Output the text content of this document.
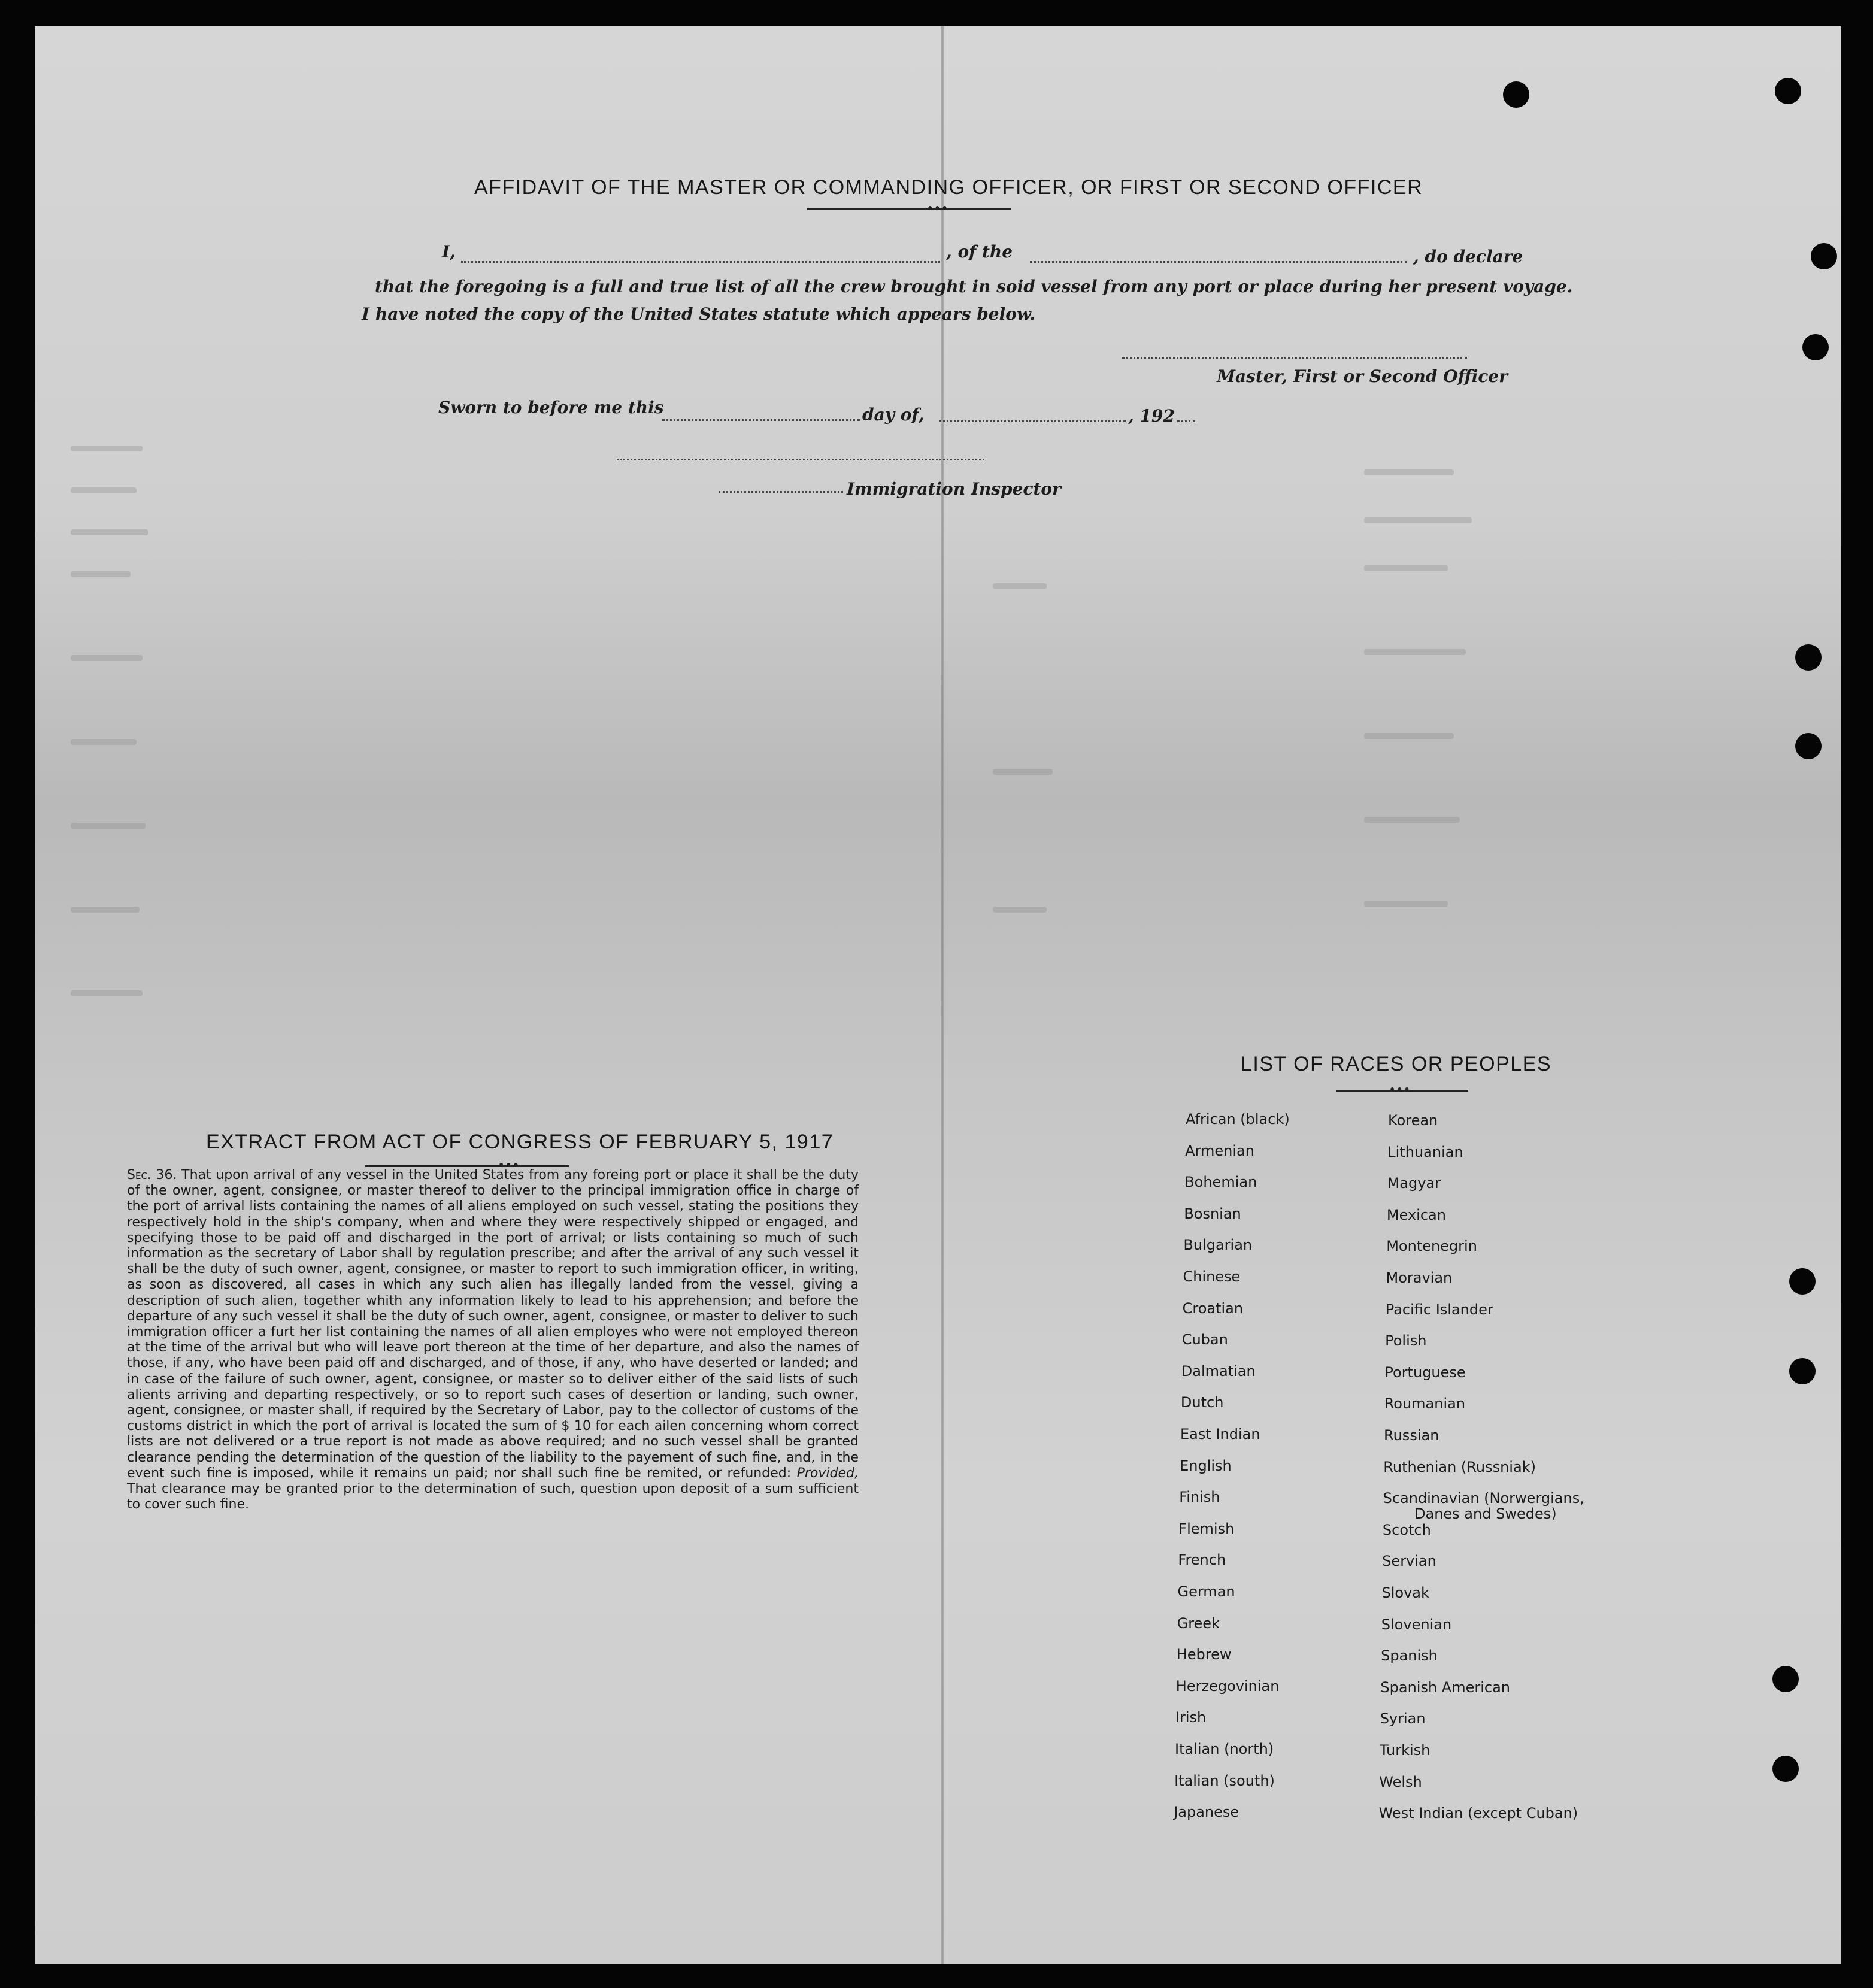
AFFIDAVIT OF THE MASTER OR COMMANDING OFFICER, OR FIRST OR SECOND OFFICER
•••
I,	, of the	, do declare
that the foregoing is a full and true list of all the crew brought in soid vessel from any port or place during her present voyage.
I have noted the copy of the United States statute which appears below.
Master, First or Second Officer
Sworn to before me this	day of,	, 192
Immigration Inspector
EXTRACT FROM ACT OF CONGRESS OF FEBRUARY 5, 1917
•••

Sec. 36. That upon arrival of any vessel in the United States from any foreing port or place it shall be the duty of the owner, agent, consignee, or master thereof to deliver to the principal immigration office in charge of the port of arrival lists containing the names of all aliens employed on such vessel, stating the positions they respectively hold in the ship's company, when and where they were respectively shipped or engaged, and specifying those to be paid off and discharged in the port of arrival; or lists containing so much of such information as the secretary of Labor shall by regulation prescribe; and after the arrival of any such vessel it shall be the duty of such owner, agent, consignee, or master to report to such immigration officer, in writing, as soon as discovered, all cases in which any such alien has illegally landed from the vessel, giving a description of such alien, together whith any information likely to lead to his apprehension; and before the departure of any such vessel it shall be the duty of such owner, agent, consignee, or master to deliver to such immigration officer a furt her list containing the names of all alien employes who were not employed thereon at the time of the arrival but who will leave port thereon at the time of her departure, and also the names of those, if any, who have been paid off and discharged, and of those, if any, who have deserted or landed; and in case of the failure of such owner, agent, consignee, or master so to deliver either of the said lists of such alients arriving and departing respectively, or so to report such cases of desertion or landing, such owner, agent, consignee, or master shall, if required by the Secretary of Labor, pay to the collector of customs of the customs district in which the port of arrival is located the sum of $ 10 for each ailen concerning whom correct lists are not delivered or a true report is not made as above required; and no such vessel shall be granted clearance pending the determination of the question of the liability to the payement of such fine, and, in the event such fine is imposed, while it remains un paid; nor shall such fine be remited, or refunded: Provided, That clearance may be granted prior to the determination of such, question upon deposit of a sum sufficient to cover such fine.

LIST OF RACES OR PEOPLES
•••
African (black)
Armenian
Bohemian
Bosnian
Bulgarian
Chinese
Croatian
Cuban
Dalmatian
Dutch
East Indian
English
Finish
Flemish
French
German
Greek
Hebrew
Herzegovinian
Irish
Italian (north)
Italian (south)
Japanese
Korean
Lithuanian
Magyar
Mexican
Montenegrin
Moravian
Pacific Islander
Polish
Portuguese
Roumanian
Russian
Ruthenian (Russniak)
Scandinavian (Norwergians,
Danes and Swedes)
Scotch
Servian
Slovak
Slovenian
Spanish
Spanish American
Syrian
Turkish
Welsh
West Indian (except Cuban)
